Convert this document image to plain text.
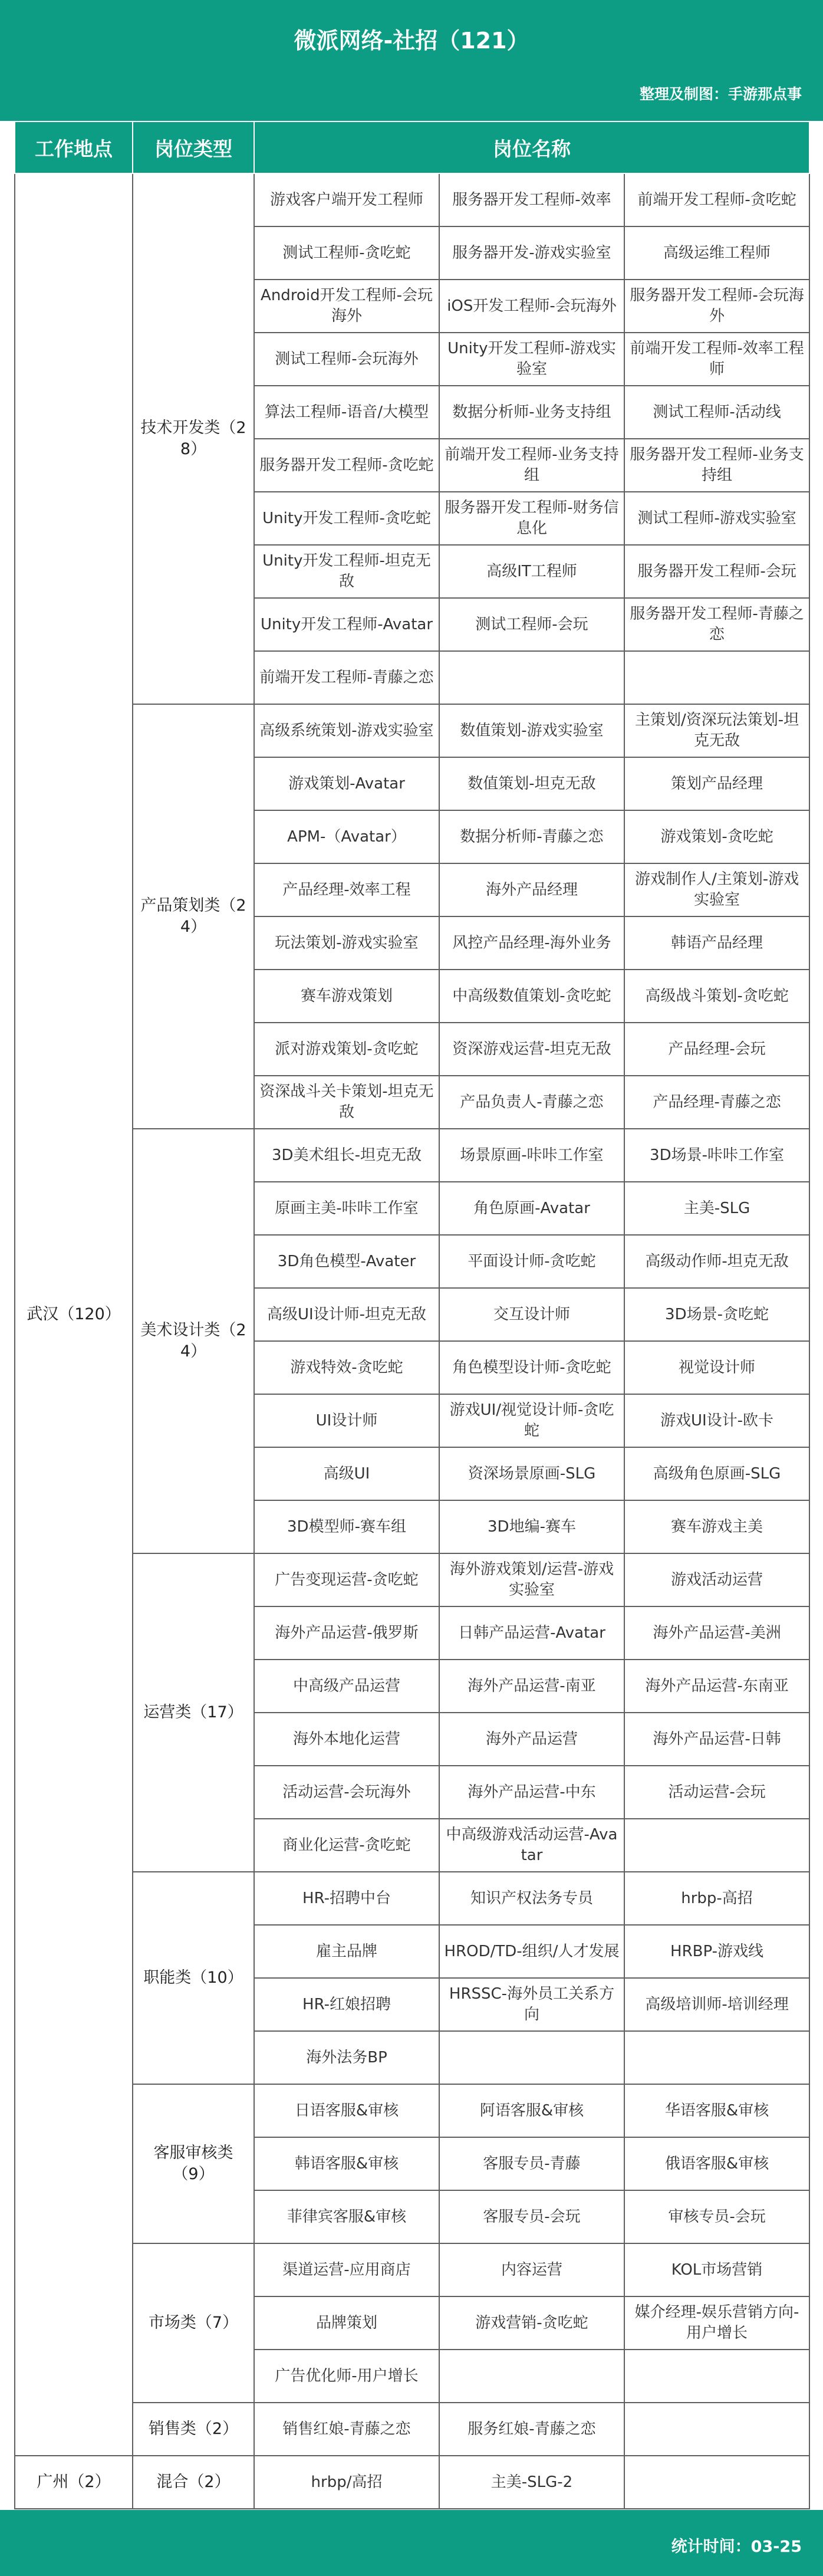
微派网络-社招（121）
整理及制图：手游那点事
工作地点	岗位类型	岗位名称		
武汉（120）	技术开发类（28）	游戏客户端开发工程师	服务器开发工程师-效率	前端开发工程师-贪吃蛇
		测试工程师-贪吃蛇	服务器开发-游戏实验室	高级运维工程师
		Android开发工程师-会玩海外	iOS开发工程师-会玩海外	服务器开发工程师-会玩海外
		测试工程师-会玩海外	Unity开发工程师-游戏实验室	前端开发工程师-效率工程师
		算法工程师-语音/大模型	数据分析师-业务支持组	测试工程师-活动线
		服务器开发工程师-贪吃蛇	前端开发工程师-业务支持组	服务器开发工程师-业务支持组
		Unity开发工程师-贪吃蛇	服务器开发工程师-财务信息化	测试工程师-游戏实验室
		Unity开发工程师-坦克无敌	高级IT工程师	服务器开发工程师-会玩
		Unity开发工程师-Avatar	测试工程师-会玩	服务器开发工程师-青藤之恋
		前端开发工程师-青藤之恋		
	产品策划类（24）	高级系统策划-游戏实验室	数值策划-游戏实验室	主策划/资深玩法策划-坦克无敌
		游戏策划-Avatar	数值策划-坦克无敌	策划产品经理
		APM-（Avatar）	数据分析师-青藤之恋	游戏策划-贪吃蛇
		产品经理-效率工程	海外产品经理	游戏制作人/主策划-游戏实验室
		玩法策划-游戏实验室	风控产品经理-海外业务	韩语产品经理
		赛车游戏策划	中高级数值策划-贪吃蛇	高级战斗策划-贪吃蛇
		派对游戏策划-贪吃蛇	资深游戏运营-坦克无敌	产品经理-会玩
		资深战斗关卡策划-坦克无敌	产品负责人-青藤之恋	产品经理-青藤之恋
	美术设计类（24）	3D美术组长-坦克无敌	场景原画-咔咔工作室	3D场景-咔咔工作室
		原画主美-咔咔工作室	角色原画-Avatar	主美-SLG
		3D角色模型-Avater	平面设计师-贪吃蛇	高级动作师-坦克无敌
		高级UI设计师-坦克无敌	交互设计师	3D场景-贪吃蛇
		游戏特效-贪吃蛇	角色模型设计师-贪吃蛇	视觉设计师
		UI设计师	游戏UI/视觉设计师-贪吃蛇	游戏UI设计-欧卡
		高级UI	资深场景原画-SLG	高级角色原画-SLG
		3D模型师-赛车组	3D地编-赛车	赛车游戏主美
	运营类（17）	广告变现运营-贪吃蛇	海外游戏策划/运营-游戏实验室	游戏活动运营
		海外产品运营-俄罗斯	日韩产品运营-Avatar	海外产品运营-美洲
		中高级产品运营	海外产品运营-南亚	海外产品运营-东南亚
		海外本地化运营	海外产品运营	海外产品运营-日韩
		活动运营-会玩海外	海外产品运营-中东	活动运营-会玩
		商业化运营-贪吃蛇	中高级游戏活动运营-Avatar	
	职能类（10）	HR-招聘中台	知识产权法务专员	hrbp-高招
		雇主品牌	HROD/TD-组织/人才发展	HRBP-游戏线
		HR-红娘招聘	HRSSC-海外员工关系方向	高级培训师-培训经理
		海外法务BP		
	客服审核类（9）	日语客服&审核	阿语客服&审核	华语客服&审核
		韩语客服&审核	客服专员-青藤	俄语客服&审核
		菲律宾客服&审核	客服专员-会玩	审核专员-会玩
	市场类（7）	渠道运营-应用商店	内容运营	KOL市场营销
		品牌策划	游戏营销-贪吃蛇	媒介经理-娱乐营销方向-用户增长
		广告优化师-用户增长		
	销售类（2）	销售红娘-青藤之恋	服务红娘-青藤之恋	
广州（2）	混合（2）	hrbp/高招	主美-SLG-2	
统计时间：03-25
